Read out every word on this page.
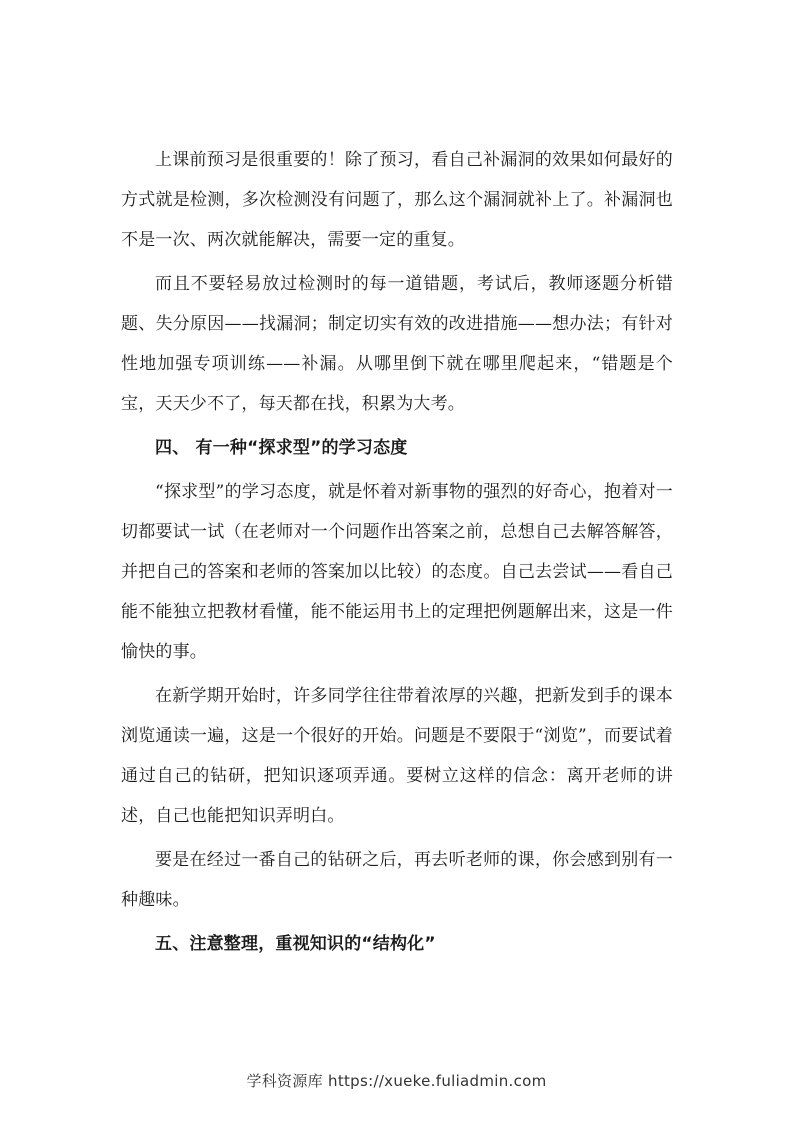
上课前预习是很重要的！除了预习，看自己补漏洞的效果如何最好的方式就是检测，多次检测没有问题了，那么这个漏洞就补上了。补漏洞也不是一次、两次就能解决，需要一定的重复。

而且不要轻易放过检测时的每一道错题，考试后，教师逐题分析错题、失分原因——找漏洞；制定切实有效的改进措施——想办法；有针对性地加强专项训练——补漏。从哪里倒下就在哪里爬起来，“错题是个宝，天天少不了，每天都在找，积累为大考。

四、 有一种“探求型”的学习态度

“探求型”的学习态度，就是怀着对新事物的强烈的好奇心，抱着对一切都要试一试（在老师对一个问题作出答案之前，总想自己去解答解答，并把自己的答案和老师的答案加以比较）的态度。自己去尝试——看自己能不能独立把教材看懂，能不能运用书上的定理把例题解出来，这是一件愉快的事。

在新学期开始时，许多同学往往带着浓厚的兴趣，把新发到手的课本浏览通读一遍，这是一个很好的开始。问题是不要限于“浏览”，而要试着通过自己的钻研，把知识逐项弄通。要树立这样的信念：离开老师的讲述，自己也能把知识弄明白。

要是在经过一番自己的钻研之后，再去听老师的课，你会感到别有一种趣味。

五、注意整理，重视知识的“结构化”

学科资源库 https://xueke.fuliadmin.com
